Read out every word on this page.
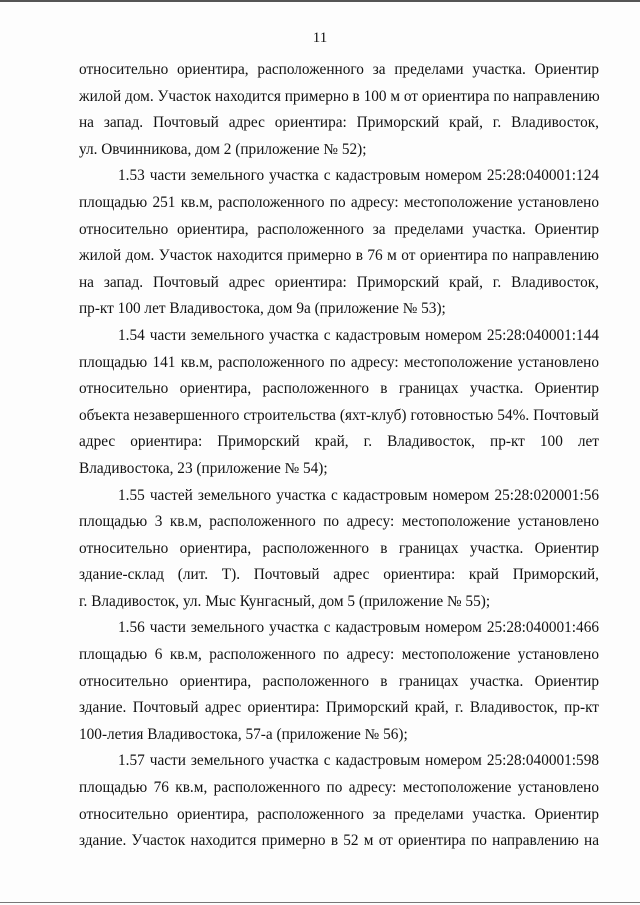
11
относительно ориентира, расположенного за пределами участка. Ориентир
жилой дом. Участок находится примерно в 100 м от ориентира по направлению
на запад. Почтовый адрес ориентира: Приморский край, г. Владивосток,
ул. Овчинникова, дом 2 (приложение № 52);
1.53 части земельного участка с кадастровым номером 25:28:040001:124
площадью 251 кв.м, расположенного по адресу: местоположение установлено
относительно ориентира, расположенного за пределами участка. Ориентир
жилой дом. Участок находится примерно в 76 м от ориентира по направлению
на запад. Почтовый адрес ориентира: Приморский край, г. Владивосток,
пр-кт 100 лет Владивостока, дом 9а (приложение № 53);
1.54 части земельного участка с кадастровым номером 25:28:040001:144
площадью 141 кв.м, расположенного по адресу: местоположение установлено
относительно ориентира, расположенного в границах участка. Ориентир
объекта незавершенного строительства (яхт-клуб) готовностью 54%. Почтовый
адрес ориентира: Приморский край, г. Владивосток, пр-кт 100 лет
Владивостока, 23 (приложение № 54);
1.55 частей земельного участка с кадастровым номером 25:28:020001:56
площадью 3 кв.м, расположенного по адресу: местоположение установлено
относительно ориентира, расположенного в границах участка. Ориентир
здание-склад (лит. Т). Почтовый адрес ориентира: край Приморский,
г. Владивосток, ул. Мыс Кунгасный, дом 5 (приложение № 55);
1.56 части земельного участка с кадастровым номером 25:28:040001:466
площадью 6 кв.м, расположенного по адресу: местоположение установлено
относительно ориентира, расположенного в границах участка. Ориентир
здание. Почтовый адрес ориентира: Приморский край, г. Владивосток, пр-кт
100-летия Владивостока, 57-а (приложение № 56);
1.57 части земельного участка с кадастровым номером 25:28:040001:598
площадью 76 кв.м, расположенного по адресу: местоположение установлено
относительно ориентира, расположенного за пределами участка. Ориентир
здание. Участок находится примерно в 52 м от ориентира по направлению на
